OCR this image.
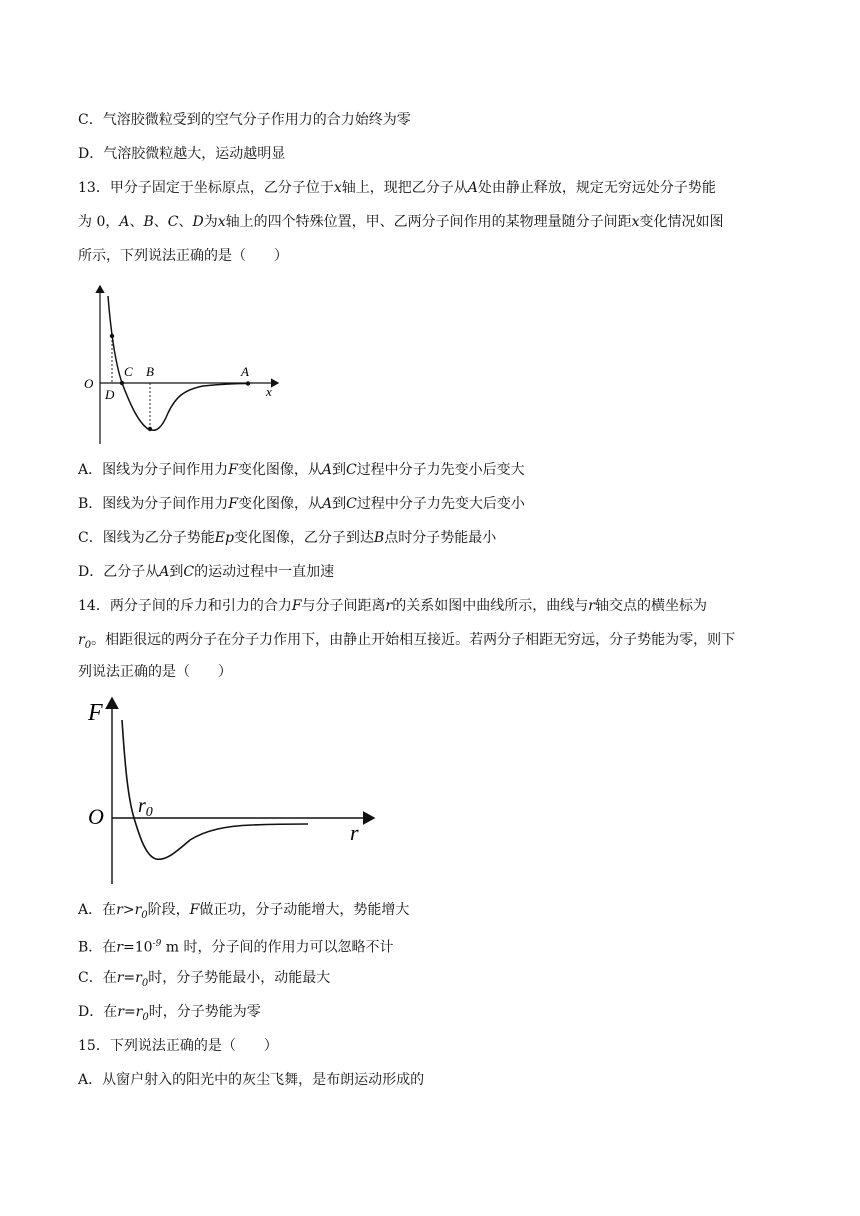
C．气溶胶微粒受到的空气分子作用力的合力始终为零
D．气溶胶微粒越大，运动越明显
13．甲分子固定于坐标原点，乙分子位于x轴上，现把乙分子从A处由静止释放，规定无穷远处分子势能
为 0，A、B、C、D为x轴上的四个特殊位置，甲、乙两分子间作用的某物理量随分子间距x变化情况如图
所示，下列说法正确的是（　　）
O
C B	A
D	x
A．图线为分子间作用力F变化图像，从A到C过程中分子力先变小后变大
B．图线为分子间作用力F变化图像，从A到C过程中分子力先变大后变小
C．图线为乙分子势能Ep变化图像，乙分子到达B点时分子势能最小
D．乙分子从A到C的运动过程中一直加速
14．两分子间的斥力和引力的合力F与分子间距离r的关系如图中曲线所示，曲线与r轴交点的横坐标为
$r_0$。相距很远的两分子在分子力作用下，由静止开始相互接近。若两分子相距无穷远，分子势能为零，则下
列说法正确的是（　　）
F
O $r_0$
r
A．在$r>r_0$阶段，F做正功，分子动能增大，势能增大
B．在$r=10^{-9}$ m 时，分子间的作用力可以忽略不计
C．在$r=r_0$时，分子势能最小，动能最大
D．在$r=r_0$时，分子势能为零
15．下列说法正确的是（　　）
A．从窗户射入的阳光中的灰尘飞舞，是布朗运动形成的
